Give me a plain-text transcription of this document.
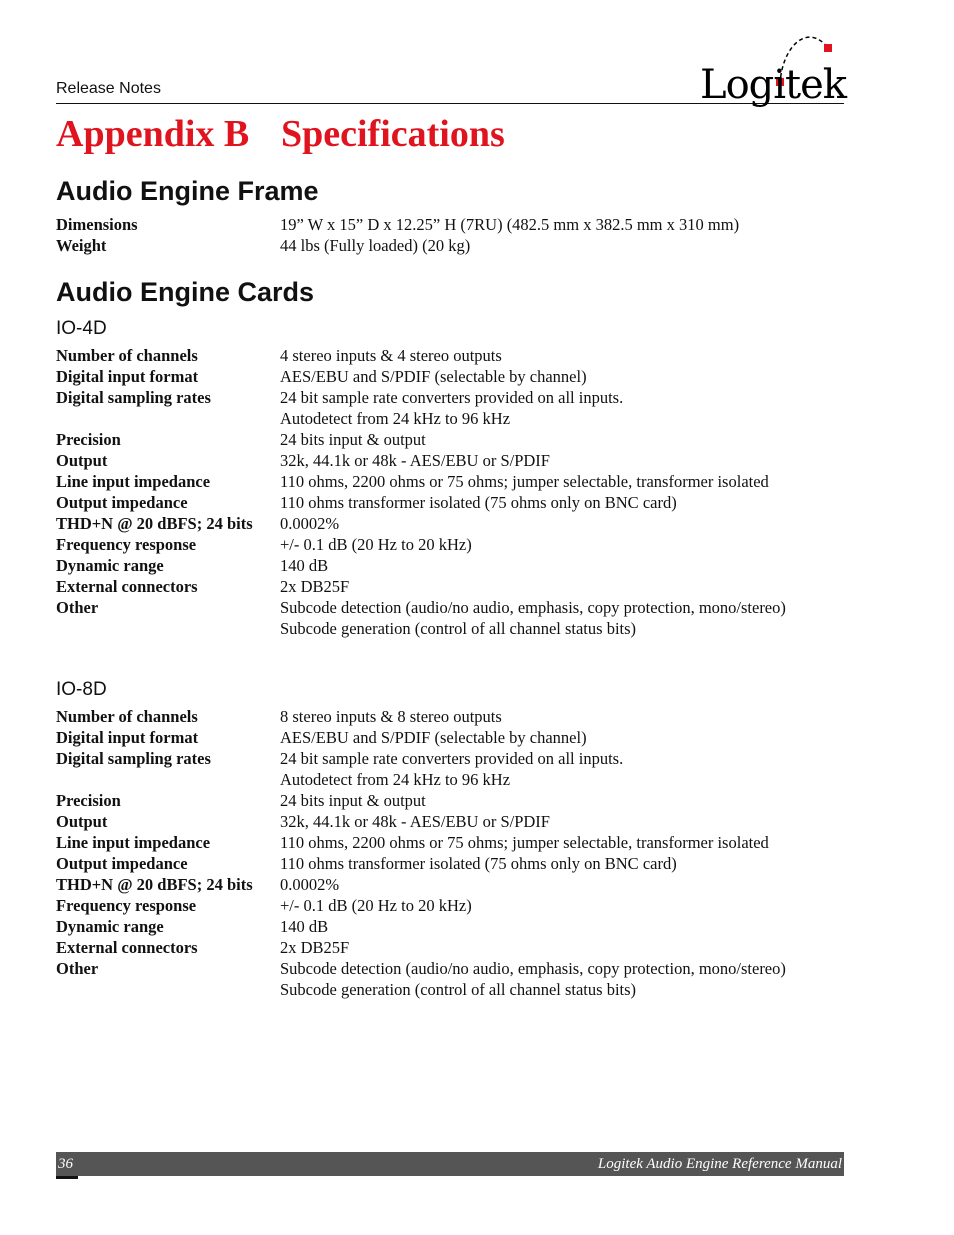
Release Notes	Logitek
Appendix B Specifications
Audio Engine Frame
Dimensions	19” W x 15” D x 12.25” H (7RU) (482.5 mm x 382.5 mm x 310 mm)
Weight	44 lbs (Fully loaded) (20 kg)
Audio Engine Cards
IO-4D
Number of channels	4 stereo inputs & 4 stereo outputs
Digital input format	AES/EBU and S/PDIF (selectable by channel)
Digital sampling rates	24 bit sample rate converters provided on all inputs.
Autodetect from 24 kHz to 96 kHz
Precision	24 bits input & output
Output	32k, 44.1k or 48k - AES/EBU or S/PDIF
Line input impedance	110 ohms, 2200 ohms or 75 ohms; jumper selectable, transformer isolated
Output impedance	110 ohms transformer isolated (75 ohms only on BNC card)
THD+N @ 20 dBFS; 24 bits	0.0002%
Frequency response	+/- 0.1 dB (20 Hz to 20 kHz)
Dynamic range	140 dB
External connectors	2x DB25F
Other	Subcode detection (audio/no audio, emphasis, copy protection, mono/stereo)
Subcode generation (control of all channel status bits)
IO-8D
Number of channels	8 stereo inputs & 8 stereo outputs
Digital input format	AES/EBU and S/PDIF (selectable by channel)
Digital sampling rates	24 bit sample rate converters provided on all inputs.
Autodetect from 24 kHz to 96 kHz
Precision	24 bits input & output
Output	32k, 44.1k or 48k - AES/EBU or S/PDIF
Line input impedance	110 ohms, 2200 ohms or 75 ohms; jumper selectable, transformer isolated
Output impedance	110 ohms transformer isolated (75 ohms only on BNC card)
THD+N @ 20 dBFS; 24 bits	0.0002%
Frequency response	+/- 0.1 dB (20 Hz to 20 kHz)
Dynamic range	140 dB
External connectors	2x DB25F
Other	Subcode detection (audio/no audio, emphasis, copy protection, mono/stereo)
Subcode generation (control of all channel status bits)
36	Logitek Audio Engine Reference Manual
